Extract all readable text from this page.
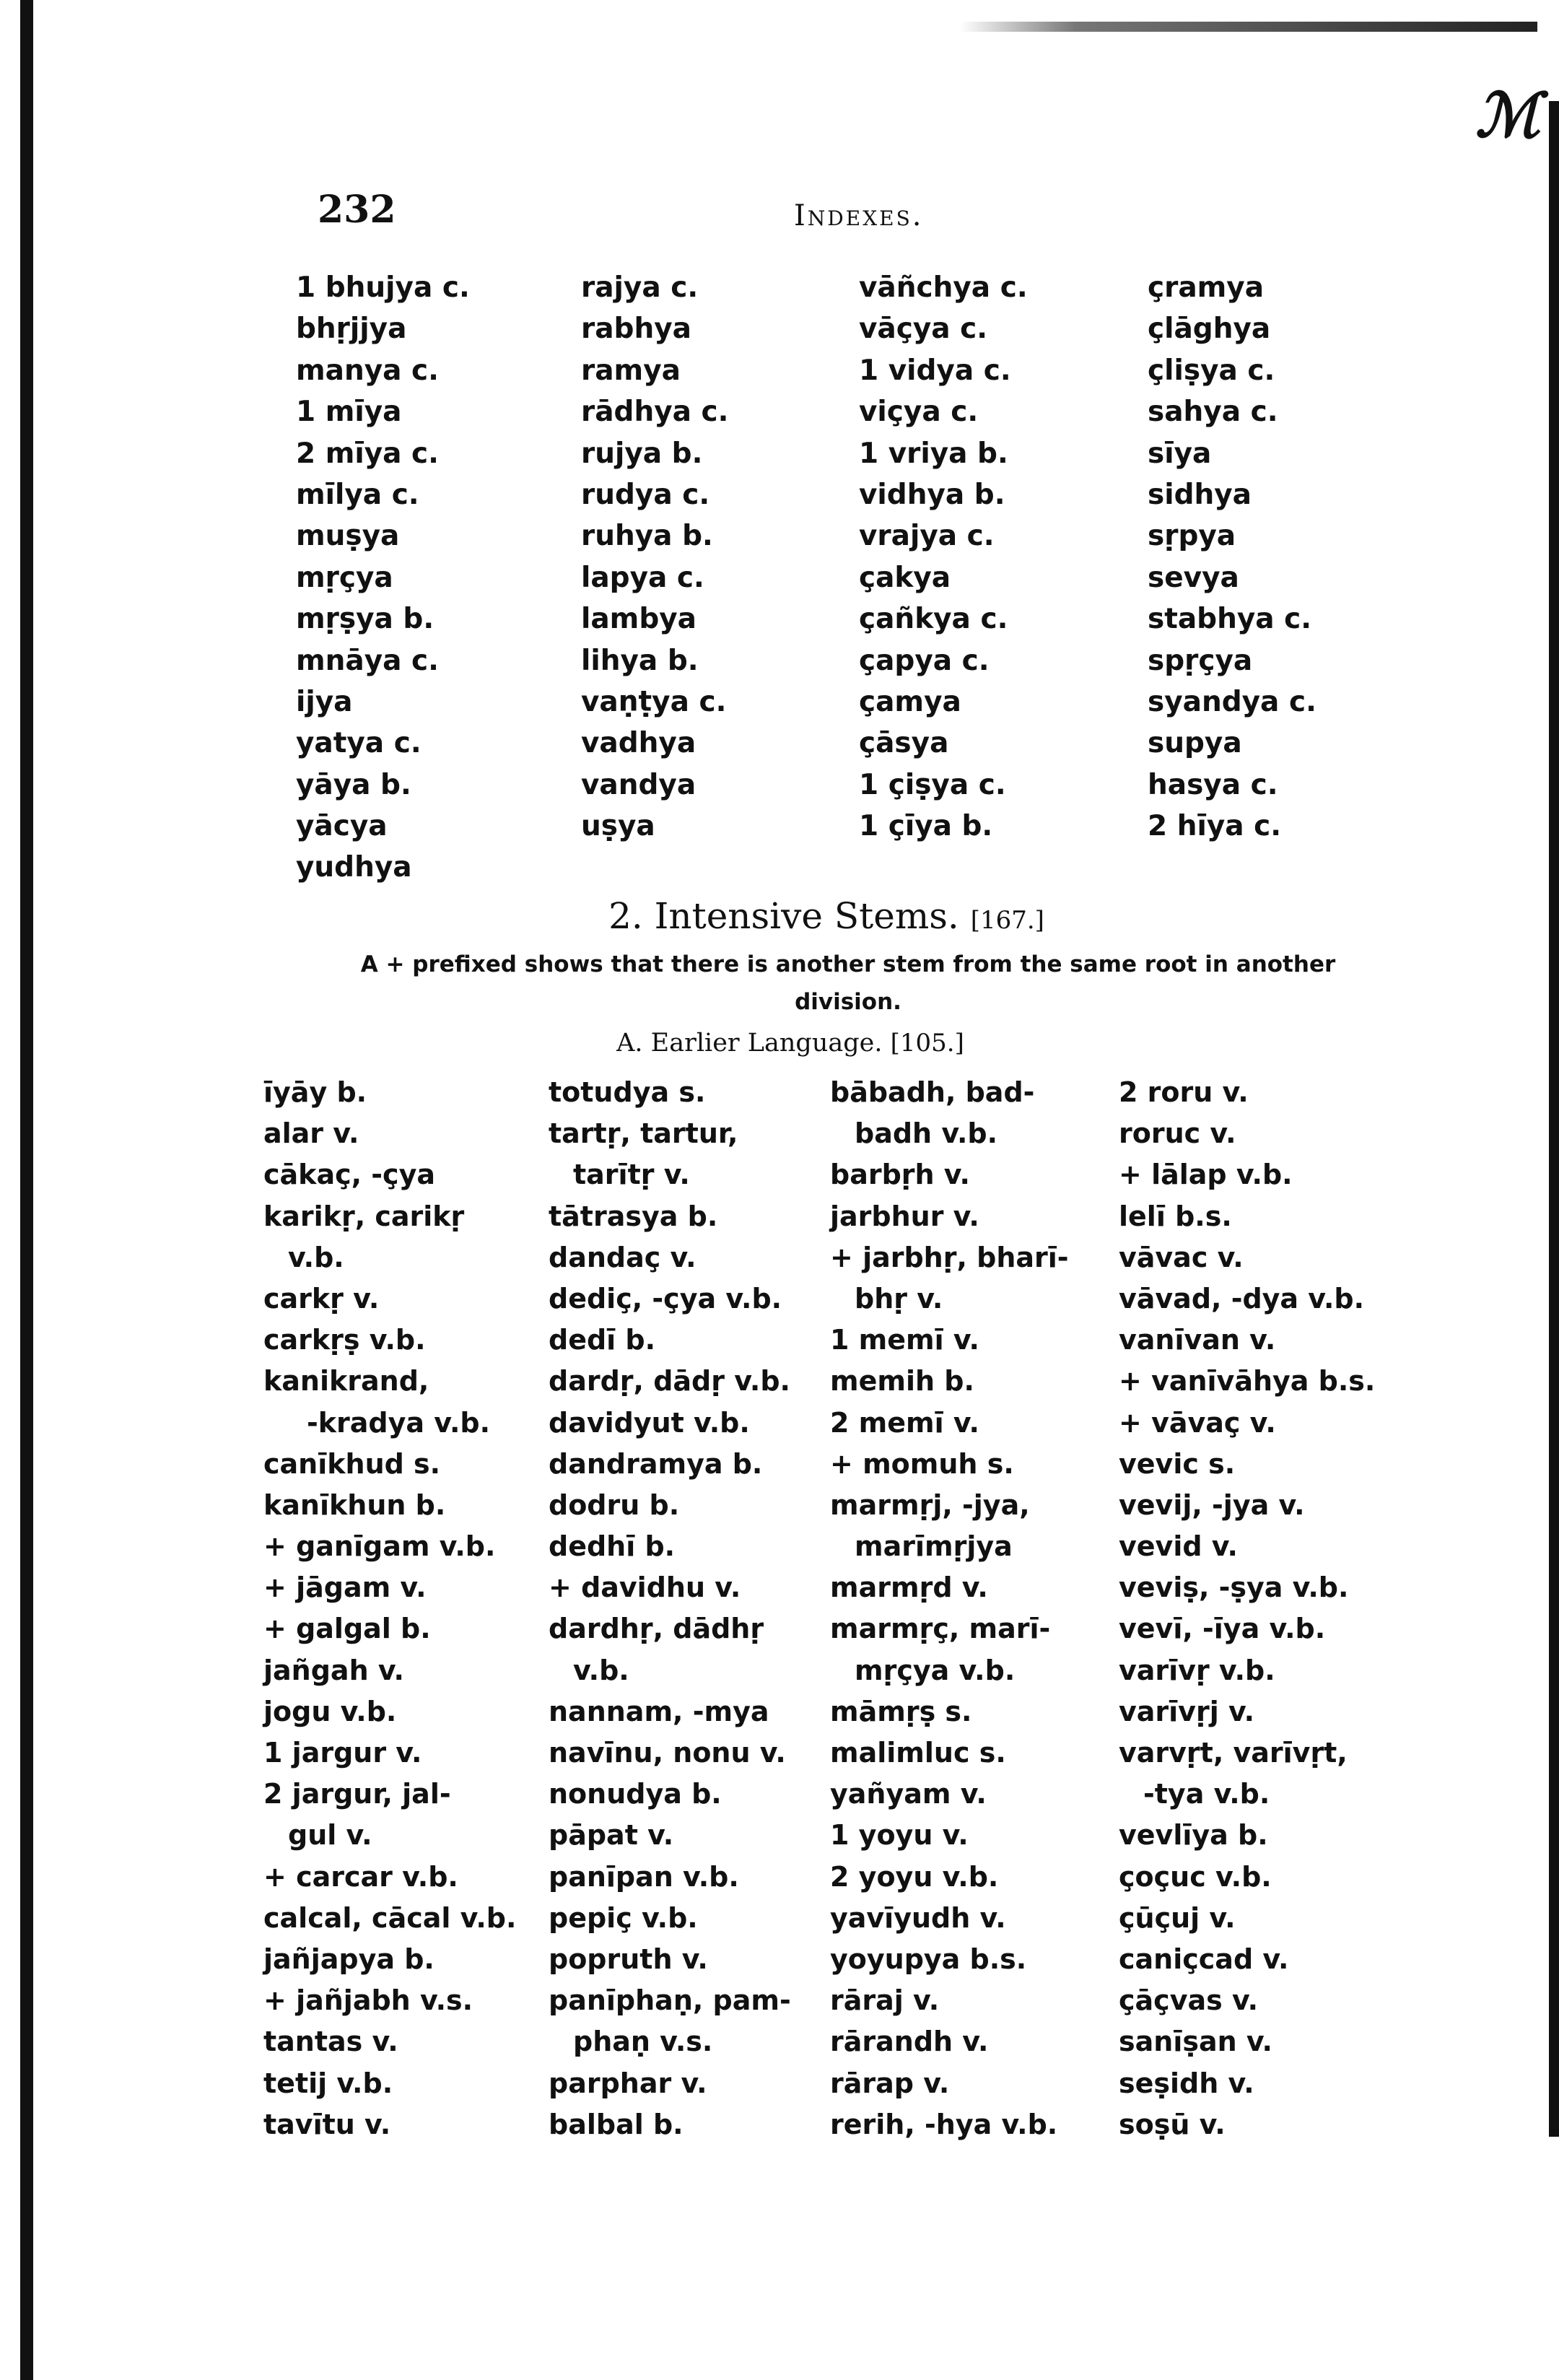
ℳ
232	Indexes.
1 bhujya c.
bhṛjjya
manya c.
1 mīya
2 mīya c.
mīlya c.
muṣya
mṛçya
mṛṣya b.
mnāya c.
ijya
yatya c.
yāya b.
yācya
yudhya
rajya c.
rabhya
ramya
rādhya c.
rujya b.
rudya c.
ruhya b.
lapya c.
lambya
lihya b.
vaṇṭya c.
vadhya
vandya
uṣya
vāñchya c.
vāçya c.
1 vidya c.
viçya c.
1 vriya b.
vidhya b.
vrajya c.
çakya
çañkya c.
çapya c.
çamya
çāsya
1 çiṣya c.
1 çīya b.
çramya
çlāghya
çliṣya c.
sahya c.
sīya
sidhya
sṛpya
sevya
stabhya c.
spṛçya
syandya c.
supya
hasya c.
2 hīya c.
2. Intensive Stems. [167.]
A + prefixed shows that there is another stem from the same root in another division.
A. Earlier Language. [105.]
īyāy b.
alar v.
cākaç, -çya
karikṛ, carikṛ
v.b.
carkṛ v.
carkṛṣ v.b.
kanikrand,
-kradya v.b.
canīkhud s.
kanīkhun b.
+ ganīgam v.b.
+ jāgam v.
+ galgal b.
jañgah v.
jogu v.b.
1 jargur v.
2 jargur, jal-
gul v.
+ carcar v.b.
calcal, cācal v.b.
jañjapya b.
+ jañjabh v.s.
tantas v.
tetij v.b.
tavītu v.
totudya s.
tartṛ, tartur,
tarītṛ v.
tātrasya b.
dandaç v.
dediç, -çya v.b.
dedī b.
dardṛ, dādṛ v.b.
davidyut v.b.
dandramya b.
dodru b.
dedhī b.
+ davidhu v.
dardhṛ, dādhṛ
v.b.
nannam, -mya
navīnu, nonu v.
nonudya b.
pāpat v.
panīpan v.b.
pepiç v.b.
popruth v.
panīphaṇ, pam-
phaṇ v.s.
parphar v.
balbal b.
bābadh, bad-
badh v.b.
barbṛh v.
jarbhur v.
+ jarbhṛ, bharī-
bhṛ v.
1 memī v.
memih b.
2 memī v.
+ momuh s.
marmṛj, -jya,
marīmṛjya
marmṛd v.
marmṛç, marī-
mṛçya v.b.
māmṛṣ s.
malimluc s.
yañyam v.
1 yoyu v.
2 yoyu v.b.
yavīyudh v.
yoyupya b.s.
rāraj v.
rārandh v.
rārap v.
rerih, -hya v.b.
2 roru v.
roruc v.
+ lālap v.b.
lelī b.s.
vāvac v.
vāvad, -dya v.b.
vanīvan v.
+ vanīvāhya b.s.
+ vāvaç v.
vevic s.
vevij, -jya v.
vevid v.
veviṣ, -ṣya v.b.
vevī, -īya v.b.
varīvṛ v.b.
varīvṛj v.
varvṛt, varīvṛt,
-tya v.b.
vevlīya b.
çoçuc v.b.
çūçuj v.
caniçcad v.
çāçvas v.
sanīṣan v.
seṣidh v.
soṣū v.
